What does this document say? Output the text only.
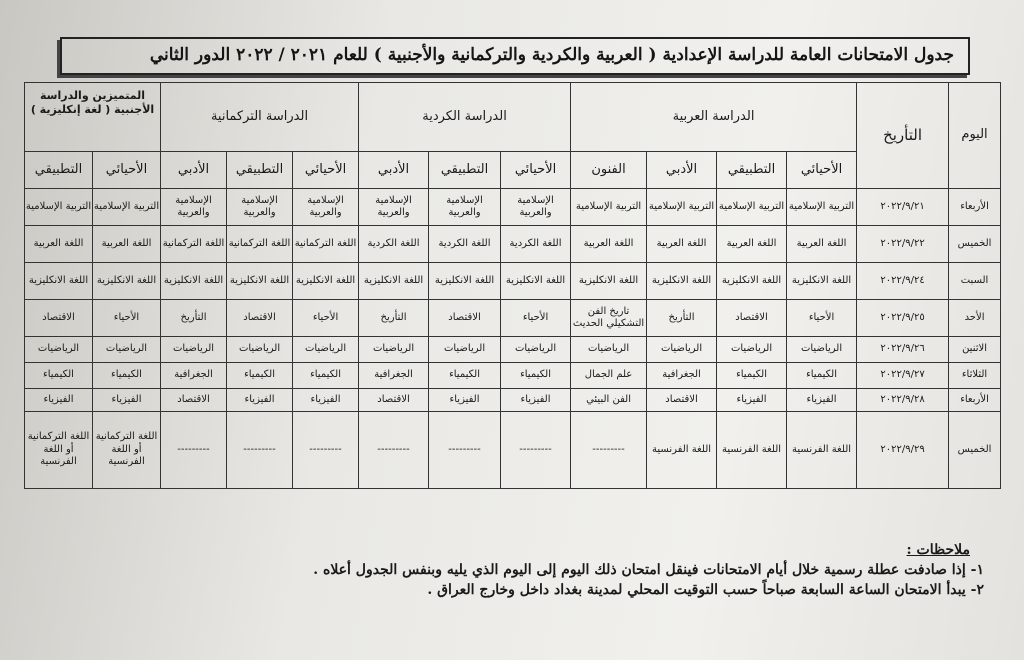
جدول الامتحانات العامة للدراسة الإعدادية ( العربية والكردية والتركمانية والأجنبية ) للعام ٢٠٢١ / ٢٠٢٢ الدور الثاني
اليوم	التأريخ	الدراسة العربية				الدراسة الكردية			الدراسة التركمانية			المتميزين والدراسة الأجنبية ( لغة إنكليزية )	
		الأحيائي	التطبيقي	الأدبي	الفنون	الأحيائي	التطبيقي	الأدبي	الأحيائي	التطبيقي	الأدبي	الأحيائي	التطبيقي
الأربعاء	٢٠٢٢/٩/٢١	التربية الإسلامية	التربية الإسلامية	التربية الإسلامية	التربية الإسلامية	الإسلامية والعربية	الإسلامية والعربية	الإسلامية والعربية	الإسلامية والعربية	الإسلامية والعربية	الإسلامية والعربية	التربية الإسلامية	التربية الإسلامية
الخميس	٢٠٢٢/٩/٢٢	اللغة العربية	اللغة العربية	اللغة العربية	اللغة العربية	اللغة الكردية	اللغة الكردية	اللغة الكردية	اللغة التركمانية	اللغة التركمانية	اللغة التركمانية	اللغة العربية	اللغة العربية
السبت	٢٠٢٢/٩/٢٤	اللغة الانكليزية	اللغة الانكليزية	اللغة الانكليزية	اللغة الانكليزية	اللغة الانكليزية	اللغة الانكليزية	اللغة الانكليزية	اللغة الانكليزية	اللغة الانكليزية	اللغة الانكليزية	اللغة الانكليزية	اللغة الانكليزية
الأحد	٢٠٢٢/٩/٢٥	الأحياء	الاقتصاد	التأريخ	تاريخ الفن التشكيلي الحديث	الأحياء	الاقتصاد	التأريخ	الأحياء	الاقتصاد	التأريخ	الأحياء	الاقتصاد
الاثنين	٢٠٢٢/٩/٢٦	الرياضيات	الرياضيات	الرياضيات	الرياضيات	الرياضيات	الرياضيات	الرياضيات	الرياضيات	الرياضيات	الرياضيات	الرياضيات	الرياضيات
الثلاثاء	٢٠٢٢/٩/٢٧	الكيمياء	الكيمياء	الجغرافية	علم الجمال	الكيمياء	الكيمياء	الجغرافية	الكيمياء	الكيمياء	الجغرافية	الكيمياء	الكيمياء
الأربعاء	٢٠٢٢/٩/٢٨	الفيزياء	الفيزياء	الاقتصاد	الفن البيئي	الفيزياء	الفيزياء	الاقتصاد	الفيزياء	الفيزياء	الاقتصاد	الفيزياء	الفيزياء
الخميس	٢٠٢٢/٩/٢٩	اللغة الفرنسية	اللغة الفرنسية	اللغة الفرنسية	---------	---------	---------	---------	---------	---------	---------	اللغة التركمانية أو اللغة الفرنسية	اللغة التركمانية أو اللغة الفرنسية
ملاحظات :
١- إذا صادفت عطلة رسمية خلال أيام الامتحانات فينقل امتحان ذلك اليوم إلى اليوم الذي يليه وبنفس الجدول أعلاه .
٢- يبدأ الامتحان الساعة السابعة صباحاً حسب التوقيت المحلي لمدينة بغداد داخل وخارج العراق .
